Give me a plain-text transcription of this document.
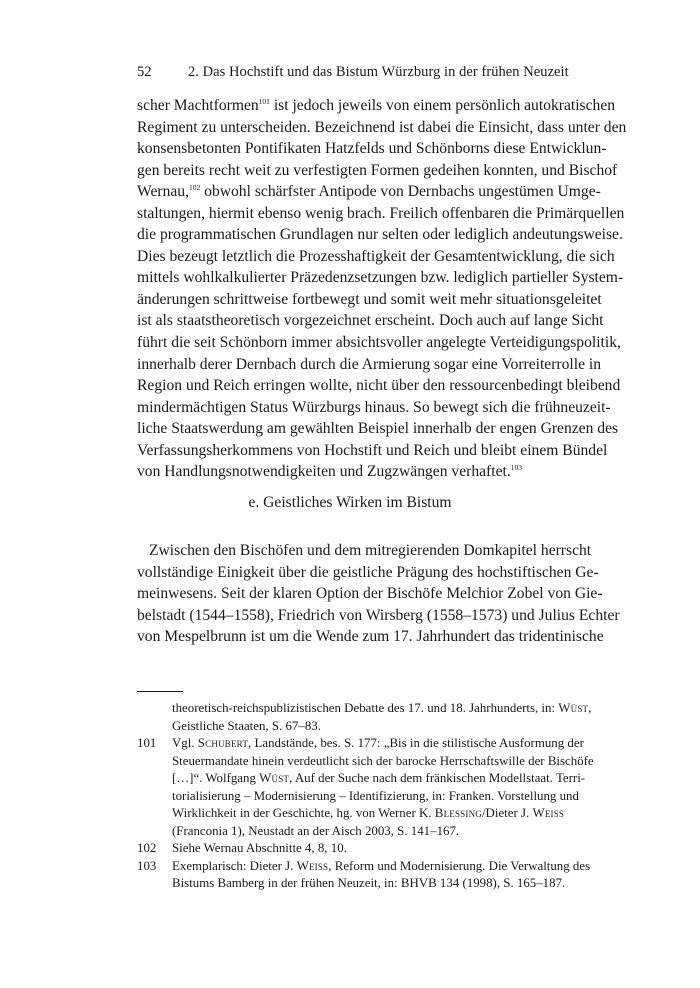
52	2. Das Hochstift und das Bistum Würzburg in der frühen Neuzeit
scher Machtformen$^{101}$ ist jedoch jeweils von einem persönlich autokratischen
Regiment zu unterscheiden. Bezeichnend ist dabei die Einsicht, dass unter den
konsensbetonten Pontifikaten Hatzfelds und Schönborns diese Entwicklun-
gen bereits recht weit zu verfestigten Formen gedeihen konnten, und Bischof
Wernau,$^{102}$ obwohl schärfster Antipode von Dernbachs ungestümen Umge-
staltungen, hiermit ebenso wenig brach. Freilich offenbaren die Primärquellen
die programmatischen Grundlagen nur selten oder lediglich andeutungsweise.
Dies bezeugt letztlich die Prozesshaftigkeit der Gesamtentwicklung, die sich
mittels wohlkalkulierter Präzedenzsetzungen bzw. lediglich partieller System-
änderungen schrittweise fortbewegt und somit weit mehr situationsgeleitet
ist als staatstheoretisch vorgezeichnet erscheint. Doch auch auf lange Sicht
führt die seit Schönborn immer absichtsvoller angelegte Verteidigungspolitik,
innerhalb derer Dernbach durch die Armierung sogar eine Vorreiterrolle in
Region und Reich erringen wollte, nicht über den ressourcenbedingt bleibend
mindermächtigen Status Würzburgs hinaus. So bewegt sich die frühneuzeit-
liche Staatswerdung am gewählten Beispiel innerhalb der engen Grenzen des
Verfassungsherkommens von Hochstift und Reich und bleibt einem Bündel
von Handlungsnotwendigkeiten und Zugzwängen verhaftet.$^{103}$
e. Geistliches Wirken im Bistum
Zwischen den Bischöfen und dem mitregierenden Domkapitel herrscht
vollständige Einigkeit über die geistliche Prägung des hochstiftischen Ge-
meinwesens. Seit der klaren Option der Bischöfe Melchior Zobel von Gie-
belstadt (1544–1558), Friedrich von Wirsberg (1558–1573) und Julius Echter
von Mespelbrunn ist um die Wende zum 17. Jahrhundert das tridentinische
theoretisch-reichspublizistischen Debatte des 17. und 18. Jahrhunderts, in: Wüst,
Geistliche Staaten, S. 67–83.
101 Vgl. Schubert, Landstände, bes. S. 177: „Bis in die stilistische Ausformung der
Steuermandate hinein verdeutlicht sich der barocke Herrschaftswille der Bischöfe
[…]“. Wolfgang Wüst, Auf der Suche nach dem fränkischen Modellstaat. Terri-
torialisierung – Modernisierung – Identifizierung, in: Franken. Vorstellung und
Wirklichkeit in der Geschichte, hg. von Werner K. Blessing/Dieter J. Weiss
(Franconia 1), Neustadt an der Aisch 2003, S. 141–167.
102 Siehe Wernau Abschnitte 4, 8, 10.
103 Exemplarisch: Dieter J. Weiss, Reform und Modernisierung. Die Verwaltung des
Bistums Bamberg in der frühen Neuzeit, in: BHVB 134 (1998), S. 165–187.
